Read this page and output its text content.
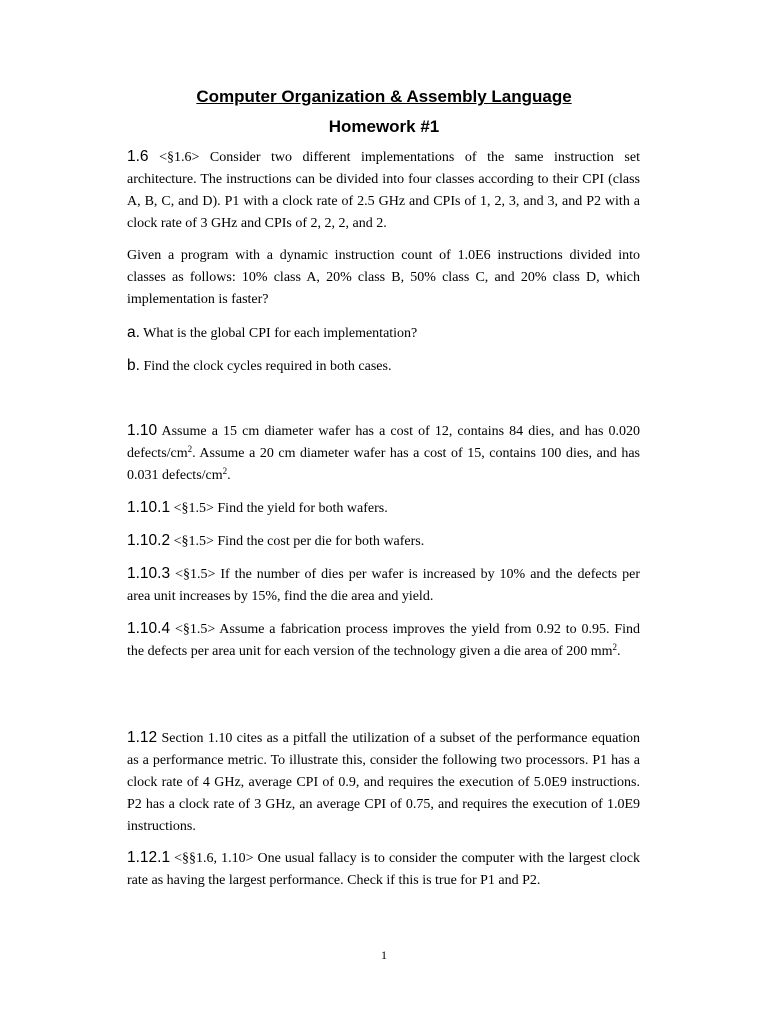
Computer Organization & Assembly Language
Homework #1

1.6 <§1.6> Consider two different implementations of the same instruction set architecture. The instructions can be divided into four classes according to their CPI (class A, B, C, and D). P1 with a clock rate of 2.5 GHz and CPIs of 1, 2, 3, and 3, and P2 with a clock rate of 3 GHz and CPIs of 2, 2, 2, and 2.

Given a program with a dynamic instruction count of 1.0E6 instructions divided into classes as follows: 10% class A, 20% class B, 50% class C, and 20% class D, which implementation is faster?

a. What is the global CPI for each implementation?

b. Find the clock cycles required in both cases.

1.10 Assume a 15 cm diameter wafer has a cost of 12, contains 84 dies, and has 0.020 defects/$cm^2$. Assume a 20 cm diameter wafer has a cost of 15, contains 100 dies, and has 0.031 defects/$cm^2$.

1.10.1 <§1.5> Find the yield for both wafers.

1.10.2 <§1.5> Find the cost per die for both wafers.

1.10.3 <§1.5> If the number of dies per wafer is increased by 10% and the defects per area unit increases by 15%, find the die area and yield.

1.10.4 <§1.5> Assume a fabrication process improves the yield from 0.92 to 0.95. Find the defects per area unit for each version of the technology given a die area of 200 $mm^2$.

1.12 Section 1.10 cites as a pitfall the utilization of a subset of the performance equation as a performance metric. To illustrate this, consider the following two processors. P1 has a clock rate of 4 GHz, average CPI of 0.9, and requires the execution of 5.0E9 instructions. P2 has a clock rate of 3 GHz, an average CPI of 0.75, and requires the execution of 1.0E9 instructions.

1.12.1 <§§1.6, 1.10> One usual fallacy is to consider the computer with the largest clock rate as having the largest performance. Check if this is true for P1 and P2.

1
